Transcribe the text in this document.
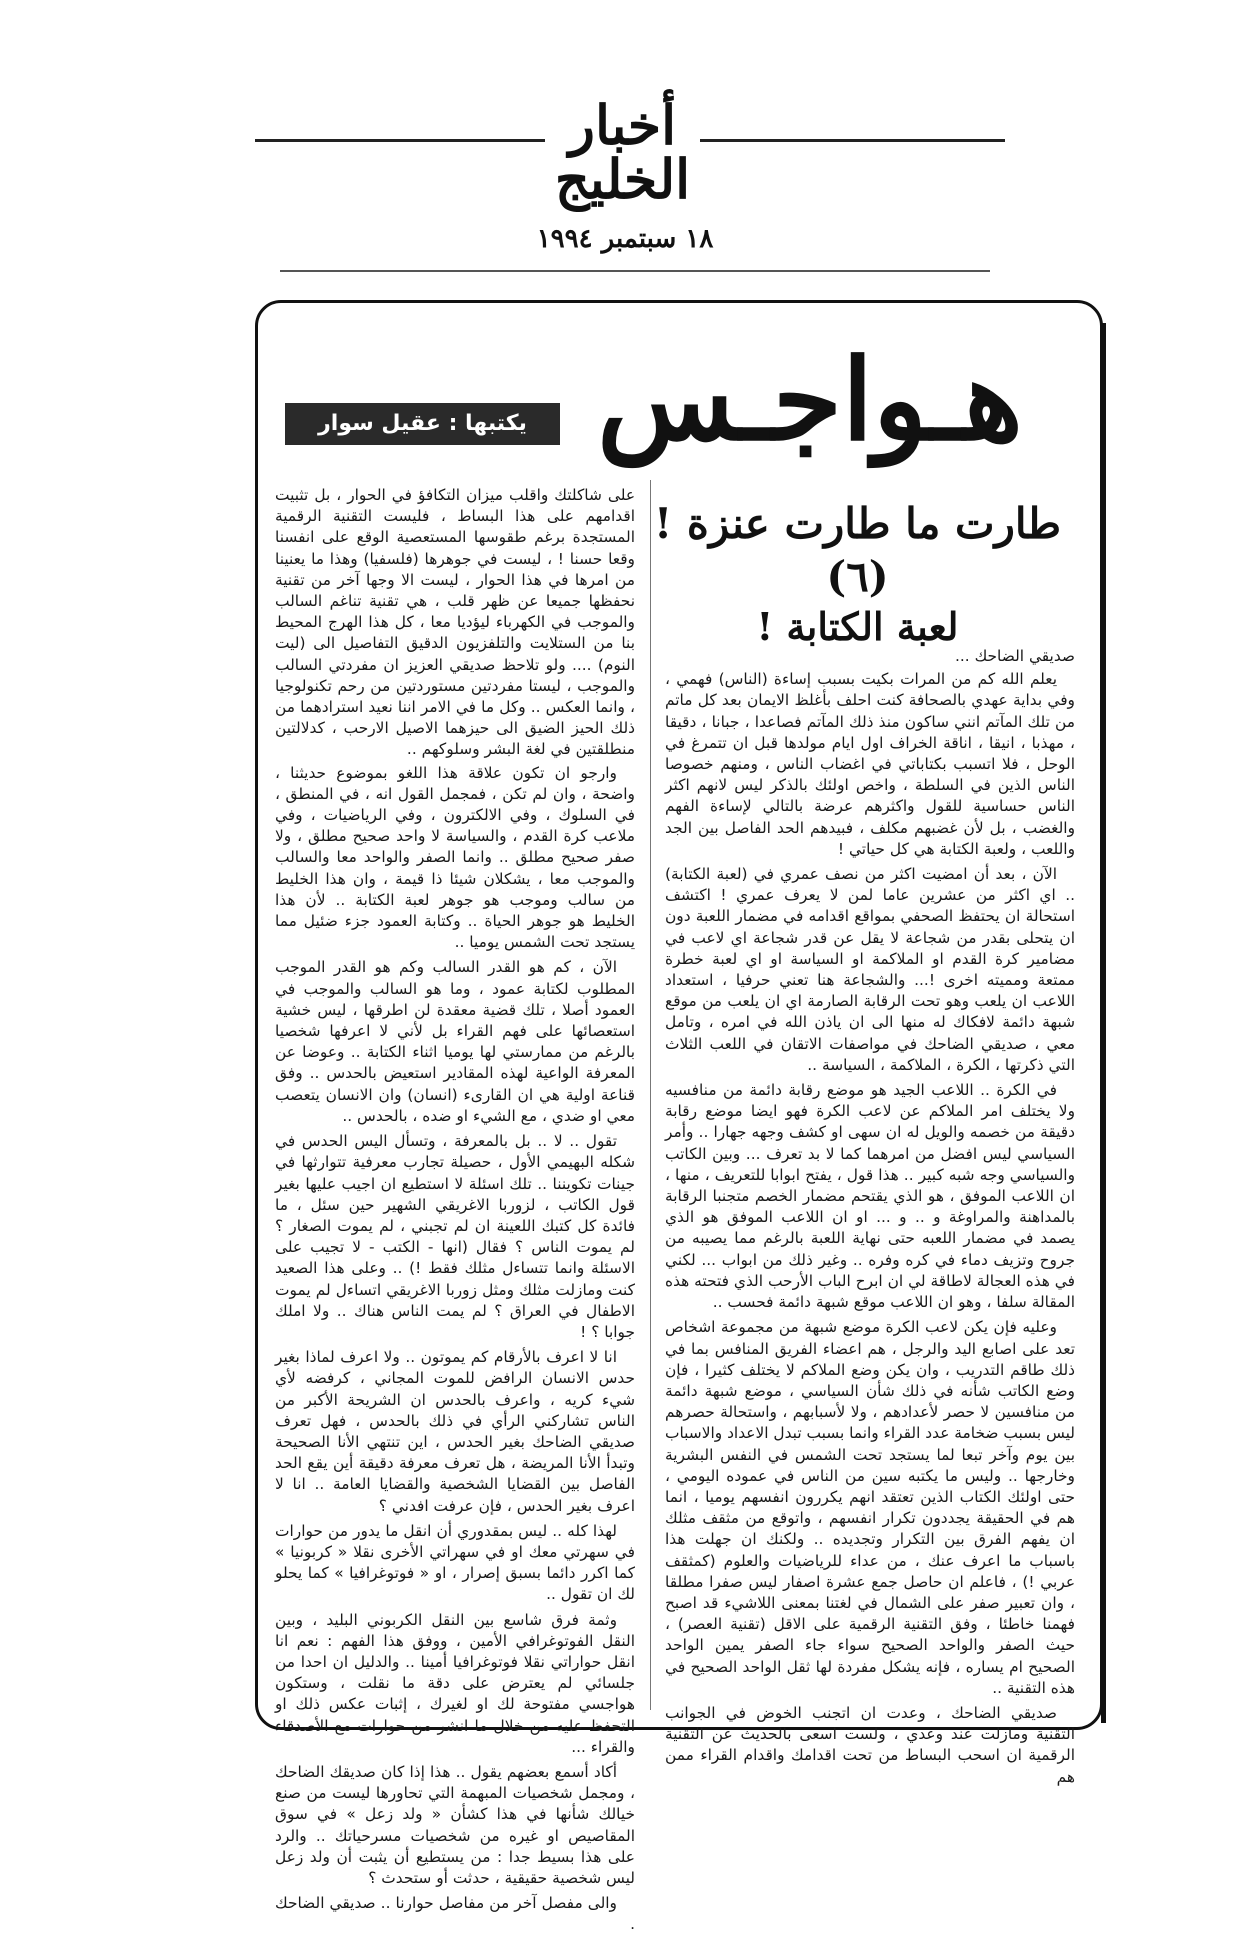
أخبار الخليج
١٨ سبتمبر ١٩٩٤
هـواجـس
يكتبها : عقيل سوار
طارت ما طارت عنزة ! (٦)
لعبة الكتابة !

صديقي الضاحك ...

يعلم الله كم من المرات بكيت بسبب إساءة (الناس) فهمي ، وفي بداية عهدي بالصحافة كنت احلف بأغلظ الايمان بعد كل ماتم من تلك المآتم انني ساكون منذ ذلك المآتم فصاعدا ، جبانا ، دقيقا ، مهذبا ، انيقا ، اناقة الخراف اول ايام مولدها قبل ان تتمرغ في الوحل ، فلا اتسبب بكتاباتي في اغضاب الناس ، ومنهم خصوصا الناس الذين في السلطة ، واخص اولئك بالذكر ليس لانهم اكثر الناس حساسية للقول واكثرهم عرضة بالتالي لإساءة الفهم والغضب ، بل لأن غضبهم مكلف ، فبيدهم الحد الفاصل بين الجد واللعب ، ولعبة الكتابة هي كل حياتي !

الآن ، بعد أن امضيت اكثر من نصف عمري في (لعبة الكتابة) .. اي اكثر من عشرين عاما لمن لا يعرف عمري ! اكتشف استحالة ان يحتفظ الصحفي بمواقع اقدامه في مضمار اللعبة دون ان يتحلى بقدر من شجاعة لا يقل عن قدر شجاعة اي لاعب في مضامير كرة القدم او الملاكمة او السياسة او اي لعبة خطرة ممتعة ومميته اخرى !... والشجاعة هنا تعني حرفيا ، استعداد اللاعب ان يلعب وهو تحت الرقابة الصارمة اي ان يلعب من موقع شبهة دائمة لافكاك له منها الى ان ياذن الله في امره ، وتامل معي ، صديقي الضاحك في مواصفات الاتقان في اللعب الثلاث التي ذكرتها ، الكرة ، الملاكمة ، السياسة ..

في الكرة .. اللاعب الجيد هو موضع رقابة دائمة من منافسيه ولا يختلف امر الملاكم عن لاعب الكرة فهو ايضا موضع رقابة دقيقة من خصمه والويل له ان سهى او كشف وجهه جهارا .. وأمر السياسي ليس افضل من امرهما كما لا بد تعرف ... وبين الكاتب والسياسي وجه شبه كبير .. هذا قول ، يفتح ابوابا للتعريف ، منها ، ان اللاعب الموفق ، هو الذي يقتحم مضمار الخصم متجنبا الرقابة بالمداهنة والمراوغة و .. و ... او ان اللاعب الموفق هو الذي يصمد في مضمار اللعبه حتى نهاية اللعبة بالرغم مما يصيبه من جروح وتزيف دماء في كره وفره .. وغير ذلك من ابواب ... لكني في هذه العجالة لاطاقة لي ان ابرح الباب الأرحب الذي فتحته هذه المقالة سلفا ، وهو ان اللاعب موقع شبهة دائمة فحسب ..

وعليه فإن يكن لاعب الكرة موضع شبهة من مجموعة اشخاص تعد على اصابع اليد والرجل ، هم اعضاء الفريق المنافس بما في ذلك طاقم التدريب ، وان يكن وضع الملاكم لا يختلف كثيرا ، فإن وضع الكاتب شأنه في ذلك شأن السياسي ، موضع شبهة دائمة من منافسين لا حصر لأعدادهم ، ولا لأسبابهم ، واستحالة حصرهم ليس بسبب ضخامة عدد القراء وانما بسبب تبدل الاعداد والاسباب بين يوم وآخر تبعا لما يستجد تحت الشمس في النفس البشرية وخارجها .. وليس ما يكتبه سين من الناس في عموده اليومي ، حتى اولئك الكتاب الذين تعتقد انهم يكررون انفسهم يوميا ، انما هم في الحقيقة يجددون تكرار انفسهم ، واتوقع من مثقف مثلك ان يفهم الفرق بين التكرار وتجديده .. ولكنك ان جهلت هذا باسباب ما اعرف عنك ، من عداء للرياضيات والعلوم (كمثقف عربي !) ، فاعلم ان حاصل جمع عشرة اصفار ليس صفرا مطلقا ، وان تعبير صفر على الشمال في لغتنا بمعنى اللاشيء قد اصبح فهمنا خاطئا ، وفق التقنية الرقمية على الاقل (تقنية العصر) ، حيث الصفر والواحد الصحيح سواء جاء الصفر يمين الواحد الصحيح ام يساره ، فإنه يشكل مفردة لها ثقل الواحد الصحيح في هذه التقنية ..

صديقي الضاحك ، وعدت ان اتجنب الخوض في الجوانب التقنية ومازلت عند وعدي ، ولست اسعى بالحديث عن التقنية الرقمية ان اسحب البساط من تحت اقدامك واقدام القراء ممن هم

على شاكلتك واقلب ميزان التكافؤ في الحوار ، بل تثبيت اقدامهم على هذا البساط ، فليست التقنية الرقمية المستجدة برغم طقوسها المستعصية الوقع على انفسنا وقعا حسنا ! ، ليست في جوهرها (فلسفيا) وهذا ما يعنينا من امرها في هذا الحوار ، ليست الا وجها آخر من تقنية نحفظها جميعا عن ظهر قلب ، هي تقنية تناغم السالب والموجب في الكهرباء ليؤديا معا ، كل هذا الهرج المحيط بنا من الستلايت والتلفزيون الدقيق التفاصيل الى (ليت النوم) .... ولو تلاحظ صديقي العزيز ان مفردتي السالب والموجب ، ليستا مفردتين مستوردتين من رحم تكنولوجيا ، وانما العكس .. وكل ما في الامر اننا نعيد استرادهما من ذلك الحيز الضيق الى حيزهما الاصيل الارحب ، كدلالتين منطلقتين في لغة البشر وسلوكهم ..

وارجو ان تكون علاقة هذا اللغو بموضوع حديثنا ، واضحة ، وان لم تكن ، فمجمل القول انه ، في المنطق ، في السلوك ، وفي الالكترون ، وفي الرياضيات ، وفي ملاعب كرة القدم ، والسياسة لا واحد صحيح مطلق ، ولا صفر صحيح مطلق .. وانما الصفر والواحد معا والسالب والموجب معا ، يشكلان شيئا ذا قيمة ، وان هذا الخليط من سالب وموجب هو جوهر لعبة الكتابة .. لأن هذا الخليط هو جوهر الحياة .. وكتابة العمود جزء ضئيل مما يستجد تحت الشمس يوميا ..

الآن ، كم هو القدر السالب وكم هو القدر الموجب المطلوب لكتابة عمود ، وما هو السالب والموجب في العمود أصلا ، تلك قضية معقدة لن اطرقها ، ليس خشية استعصائها على فهم القراء بل لأني لا اعرفها شخصيا بالرغم من ممارستي لها يوميا اثناء الكتابة .. وعوضا عن المعرفة الواعية لهذه المقادير استعيض بالحدس .. وفق قناعة اولية هي ان القارىء (انسان) وان الانسان يتعصب معي او ضدي ، مع الشيء او ضده ، بالحدس ..

تقول .. لا .. بل بالمعرفة ، وتسأل اليس الحدس في شكله البهيمي الأول ، حصيلة تجارب معرفية تتوارثها في جينات تكويننا .. تلك اسئلة لا استطيع ان اجيب عليها بغير قول الكاتب ، لزوربا الاغريقي الشهير حين سئل ، ما فائدة كل كتبك اللعينة ان لم تجبني ، لم يموت الصغار ؟ لم يموت الناس ؟ فقال (انها - الكتب - لا تجيب على الاسئلة وانما تتساءل مثلك فقط !) .. وعلى هذا الصعيد كنت ومازلت مثلك ومثل زوربا الاغريقي اتساءل لم يموت الاطفال في العراق ؟ لم يمت الناس هناك .. ولا املك جوابا ؟ !

انا لا اعرف بالأرقام كم يموتون .. ولا اعرف لماذا بغير حدس الانسان الرافض للموت المجاني ، كرفضه لأي شيء كريه ، واعرف بالحدس ان الشريحة الأكبر من الناس تشاركني الرأي في ذلك بالحدس ، فهل تعرف صديقي الضاحك بغير الحدس ، اين تنتهي الأنا الصحيحة وتبدأ الأنا المريضة ، هل تعرف معرفة دقيقة أين يقع الحد الفاصل بين القضايا الشخصية والقضايا العامة .. انا لا اعرف بغير الحدس ، فإن عرفت افدني ؟

لهذا كله .. ليس بمقدوري أن انقل ما يدور من حوارات في سهرتي معك او في سهراتي الأخرى نقلا « كربونيا » كما اكرر دائما بسبق إصرار ، او « فوتوغرافيا » كما يحلو لك ان تقول ..

وثمة فرق شاسع بين النقل الكربوني البليد ، وبين النقل الفوتوغرافي الأمين ، ووفق هذا الفهم : نعم انا انقل حواراتي نقلا فوتوغرافيا أمينا .. والدليل ان احدا من جلسائي لم يعترض على دقة ما نقلت ، وستكون هواجسي مفتوحة لك او لغيرك ، إثبات عكس ذلك او التحفظ عليه من خلال ما انشر من حوارات مع الأصدقاء والقراء ...

أكاد أسمع بعضهم يقول .. هذا إذا كان صديقك الضاحك ، ومجمل شخصيات المبهمة التي تحاورها ليست من صنع خيالك شأنها في هذا كشأن « ولد زعل » في سوق المقاصيص او غيره من شخصيات مسرحياتك .. والرد على هذا بسيط جدا : من يستطيع أن يثبت أن ولد زعل ليس شخصية حقيقية ، حدثت أو ستحدث ؟

والى مفصل آخر من مفاصل حوارنا .. صديقي الضاحك .
